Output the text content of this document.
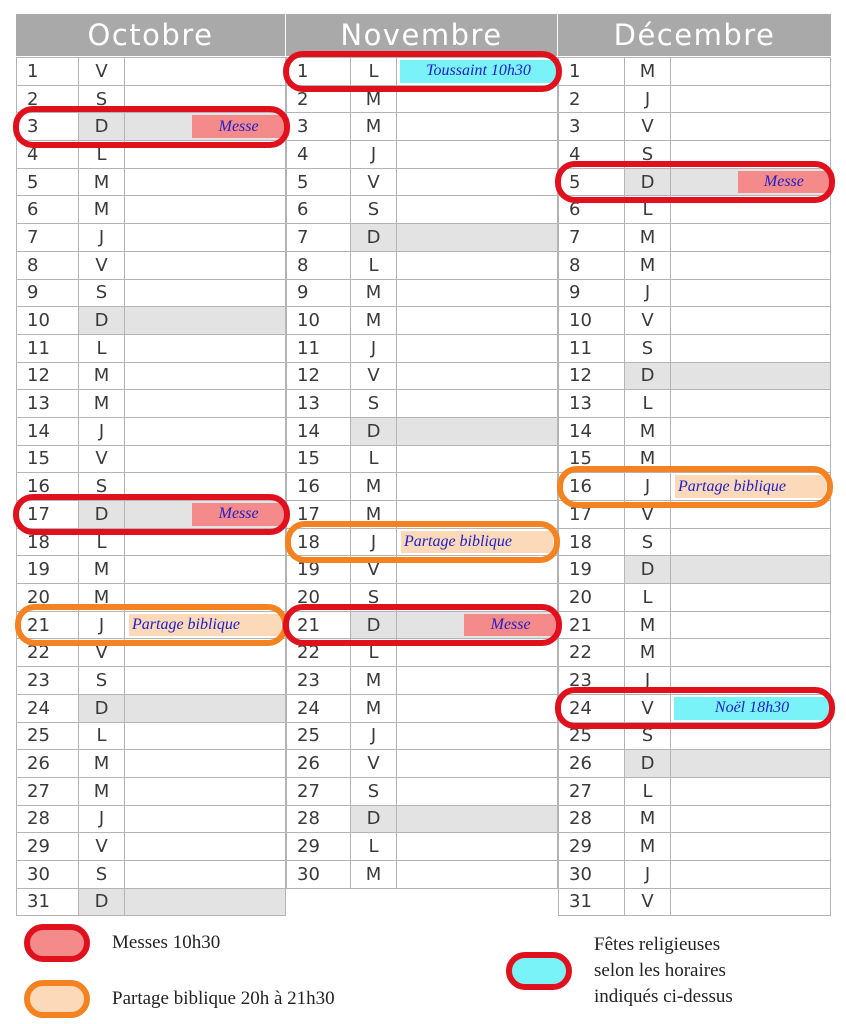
Octobre	Novembre	Décembre
1	V	
2	S	
3	D	Messe

4	L	
5	M	
6	M	
7	J	
8	V	
9	S	
10	D	
11	L	
12	M	
13	M	
14	J	
15	V	
16	S	
17	D	Messe

18	L	
19	M	
20	M	
21	J	Partage biblique

22	V	
23	S	
24	D	
25	L	
26	M	
27	M	
28	J	
29	V	
30	S	
31	D	
1	L	Toussaint 10h30

2	M	
3	M	
4	J	
5	V	
6	S	
7	D	
8	L	
9	M	
10	M	
11	J	
12	V	
13	S	
14	D	
15	L	
16	M	
17	M	
18	J	Partage biblique

19	V	
20	S	
21	D	Messe

22	L	
23	M	
24	M	
25	J	
26	V	
27	S	
28	D	
29	L	
30	M	
1	M	
2	J	
3	V	
4	S	
5	D	Messe

6	L	
7	M	
8	M	
9	J	
10	V	
11	S	
12	D	
13	L	
14	M	
15	M	
16	J	Partage biblique

17	V	
18	S	
19	D	
20	L	
21	M	
22	M	
23	J	
24	V	Noël 18h30

25	S	
26	D	
27	L	
28	M	
29	M	
30	J	
31	V	
Messes 10h30
Partage biblique 20h à 21h30
Fêtes religieuses
selon les horaires
indiqués ci-dessus
